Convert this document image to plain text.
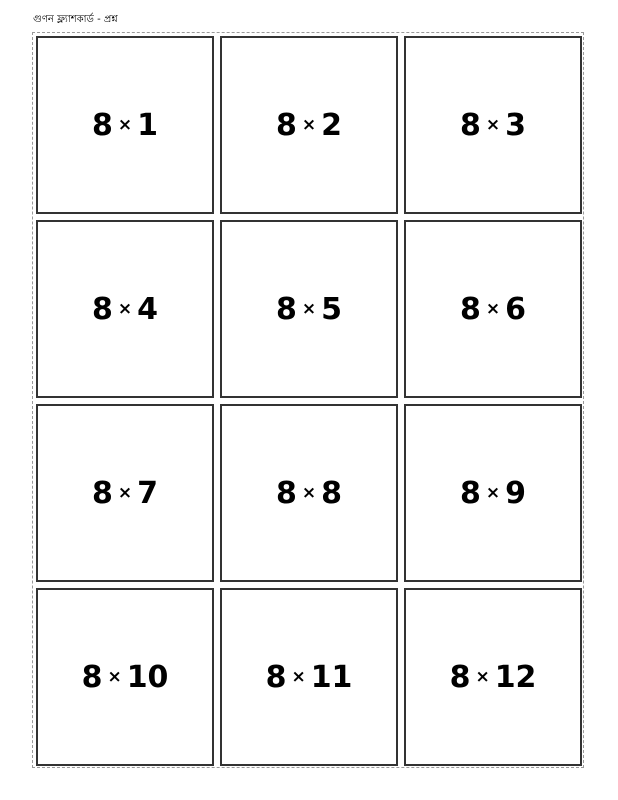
গুণন ফ্ল্যাশকার্ড - প্রশ্ন
8 × 1	8 × 2	8 × 3
8 × 4	8 × 5	8 × 6
8 × 7	8 × 8	8 × 9
8 × 10	8 × 11	8 × 12
